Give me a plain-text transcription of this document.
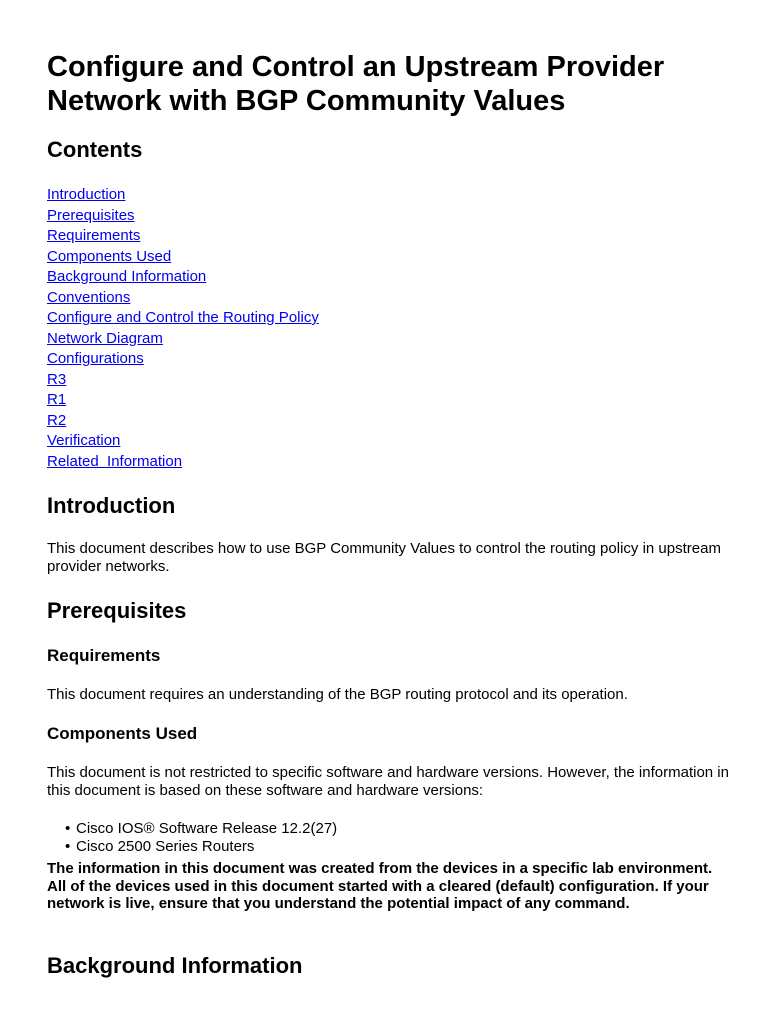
Configure and Control an Upstream Provider Network with BGP Community Values
Contents
Introduction
Prerequisites
Requirements
Components Used
Background Information
Conventions
Configure and Control the Routing Policy
Network Diagram
Configurations
R3
R1
R2
Verification
Related  Information
Introduction

This document describes how to use BGP Community Values to control the routing policy in upstream provider networks.

Prerequisites
Requirements

This document requires an understanding of the BGP routing protocol and its operation.

Components Used

This document is not restricted to specific software and hardware versions. However, the information in this document is based on these software and hardware versions:

• Cisco IOS® Software Release 12.2(27)
• Cisco 2500 Series Routers

The information in this document was created from the devices in a specific lab environment. All of the devices used in this document started with a cleared (default) configuration. If your network is live, ensure that you understand the potential impact of any command.

Background Information
